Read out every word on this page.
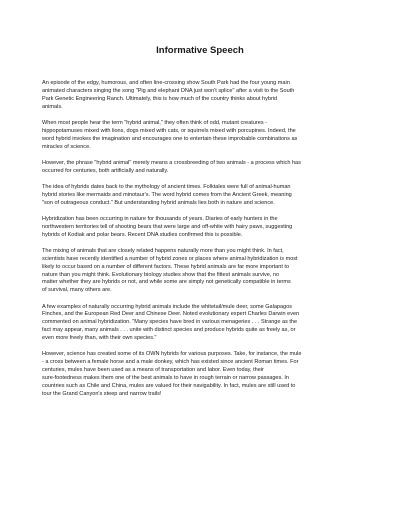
Informative Speech

An episode of the edgy, humorous, and often line-crossing show South Park had the four young main
animated characters singing the song "Pig and elephant DNA just won't splice" after a visit to the South
Park Genetic Engineering Ranch. Ultimately, this is how much of the country thinks about hybrid
animals.

When most people hear the term "hybrid animal," they often think of odd, mutant creatures -
hippopotamuses mixed with lions, dogs mixed with cats, or squirrels mixed with porcupines. Indeed, the
word hybrid invokes the imagination and encourages one to entertain these improbable combinations as
miracles of science.

However, the phrase "hybrid animal" merely means a crossbreeding of two animals - a process which has
occurred for centuries, both artificially and naturally.

The idea of hybrids dates back to the mythology of ancient times. Folktales were full of animal-human
hybrid stories like mermaids and minotaur's. The word hybrid comes from the Ancient Greek, meaning
"son of outrageous conduct." But understanding hybrid animals lies both in nature and science.

Hybridization has been occurring in nature for thousands of years. Diaries of early hunters in the
northwestern territories tell of shooting bears that were large and off-white with hairy paws, suggesting
hybrids of Kodiak and polar bears. Recent DNA studies confirmed this is possible.

The mixing of animals that are closely related happens naturally more than you might think. In fact,
scientists have recently identified a number of hybrid zones or places where animal hybridization is most
likely to occur based on a number of different factors. These hybrid animals are far more important to
nature than you might think. Evolutionary biology studies show that the fittest animals survive, no
matter whether they are hybrids or not, and while some are simply not genetically compatible in terms
of survival, many others are.

A few examples of naturally occurring hybrid animals include the whitetail/mule deer, some Galapagos
Finches, and the European Red Deer and Chinese Deer. Noted evolutionary expert Charles Darwin even
commented on animal hybridization. "Many species have bred in various menageries . . . Strange as the
fact may appear, many animals . . . unite with distinct species and produce hybrids quite as freely as, or
even more freely than, with their own species."

However, science has created some of its OWN hybrids for various purposes. Take, for instance, the mule
- a cross between a female horse and a male donkey, which has existed since ancient Roman times. For
centuries, mules have been used as a means of transportation and labor. Even today, their
sure-footedness makes them one of the best animals to have in rough terrain or narrow passages. In
countries such as Chile and China, mules are valued for their navigability. In fact, mules are still used to
tour the Grand Canyon's steep and narrow trails!
